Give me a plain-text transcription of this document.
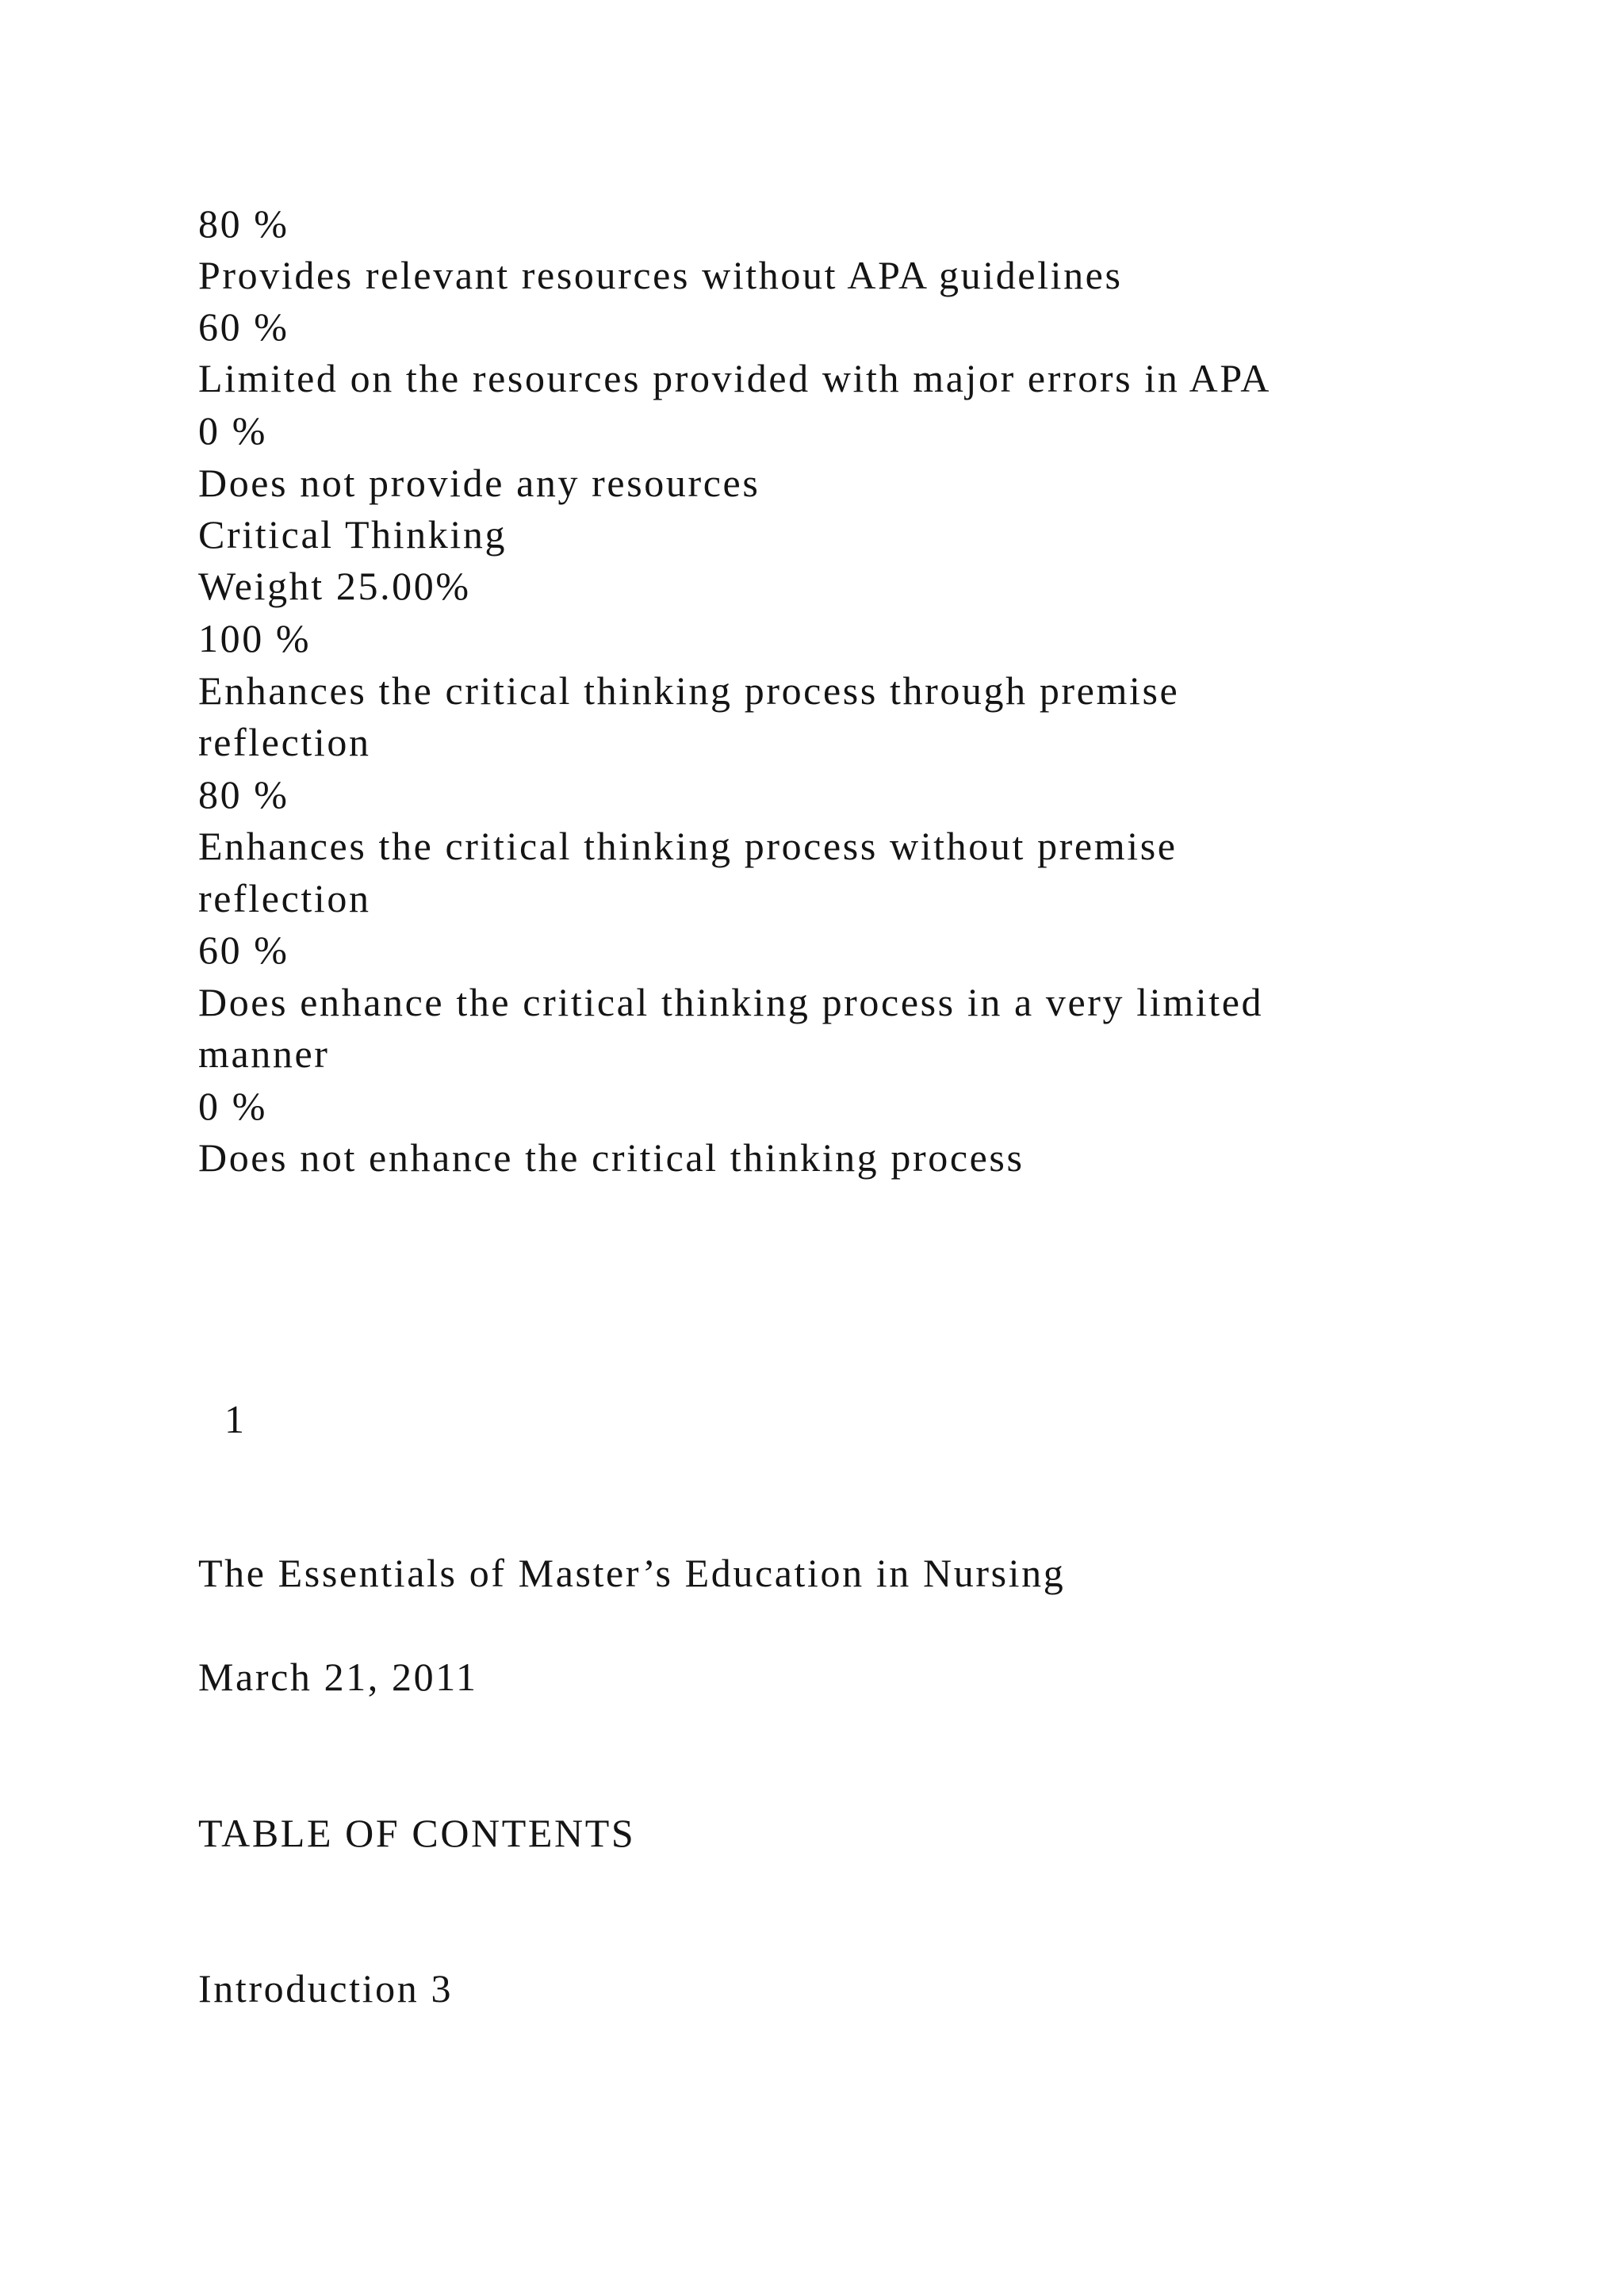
80 %
Provides relevant resources without APA guidelines
60 %
Limited on the resources provided with major errors in APA
0 %
Does not provide any resources
Critical Thinking
Weight 25.00%
100 %
Enhances the critical thinking process through premise
reflection
80 %
Enhances the critical thinking process without premise
reflection
60 %
Does enhance the critical thinking process in a very limited
manner
0 %
Does not enhance the critical thinking process
1
The Essentials of Master’s Education in Nursing
March 21, 2011
TABLE OF CONTENTS
Introduction 3
